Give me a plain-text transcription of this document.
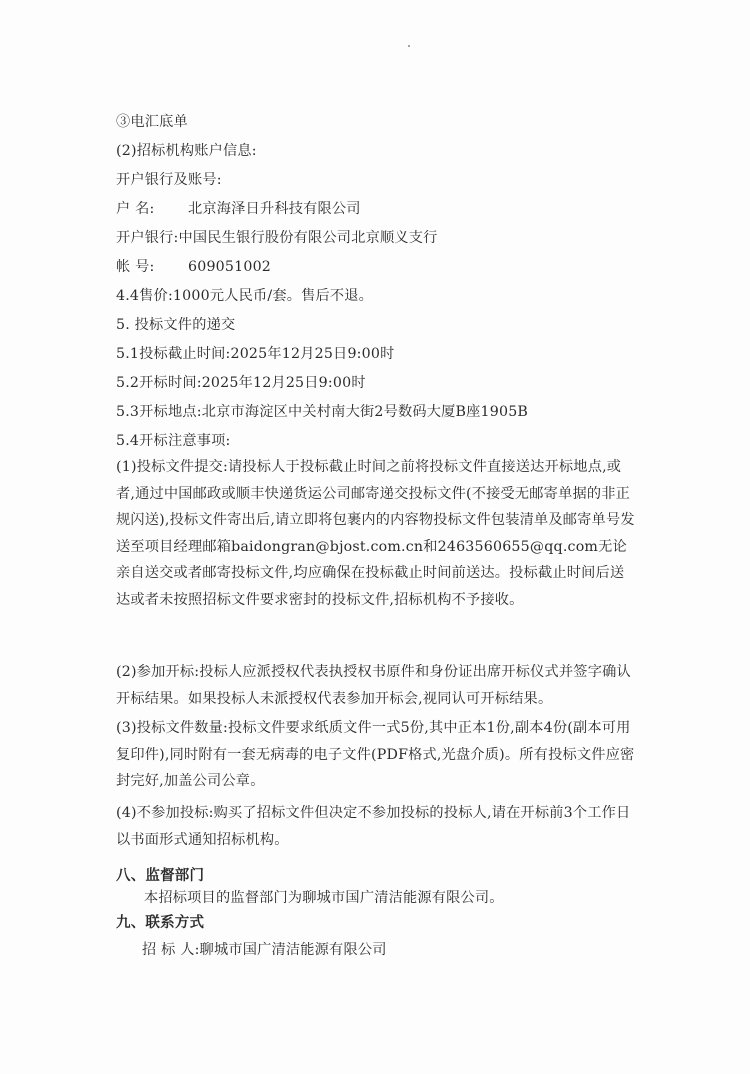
③电汇底单
(2)招标机构账户信息:
开户银行及账号:
户 名: 北京海泽日升科技有限公司
开户银行:中国民生银行股份有限公司北京顺义支行
帐 号: 609051002
4.4售价:1000元人民币/套。售后不退。
5. 投标文件的递交
5.1投标截止时间:2025年12月25日9:00时
5.2开标时间:2025年12月25日9:00时
5.3开标地点:北京市海淀区中关村南大街2号数码大厦B座1905B
5.4开标注意事项:
(1)投标文件提交:请投标人于投标截止时间之前将投标文件直接送达开标地点,或者,通过中国邮政或顺丰快递货运公司邮寄递交投标文件(不接受无邮寄单据的非正规闪送),投标文件寄出后,请立即将包裹内的内容物投标文件包装清单及邮寄单号发送至项目经理邮箱baidongran@bjost.com.cn和2463560655@qq.com无论亲自送交或者邮寄投标文件,均应确保在投标截止时间前送达。投标截止时间后送达或者未按照招标文件要求密封的投标文件,招标机构不予接收。
(2)参加开标:投标人应派授权代表执授权书原件和身份证出席开标仪式并签字确认开标结果。如果投标人未派授权代表参加开标会,视同认可开标结果。
(3)投标文件数量:投标文件要求纸质文件一式5份,其中正本1份,副本4份(副本可用复印件),同时附有一套无病毒的电子文件(PDF格式,光盘介质)。所有投标文件应密封完好,加盖公司公章。
(4)不参加投标:购买了招标文件但决定不参加投标的投标人,请在开标前3个工作日以书面形式通知招标机构。
八、监督部门
本招标项目的监督部门为聊城市国广清洁能源有限公司。
九、联系方式
招 标 人:聊城市国广清洁能源有限公司
